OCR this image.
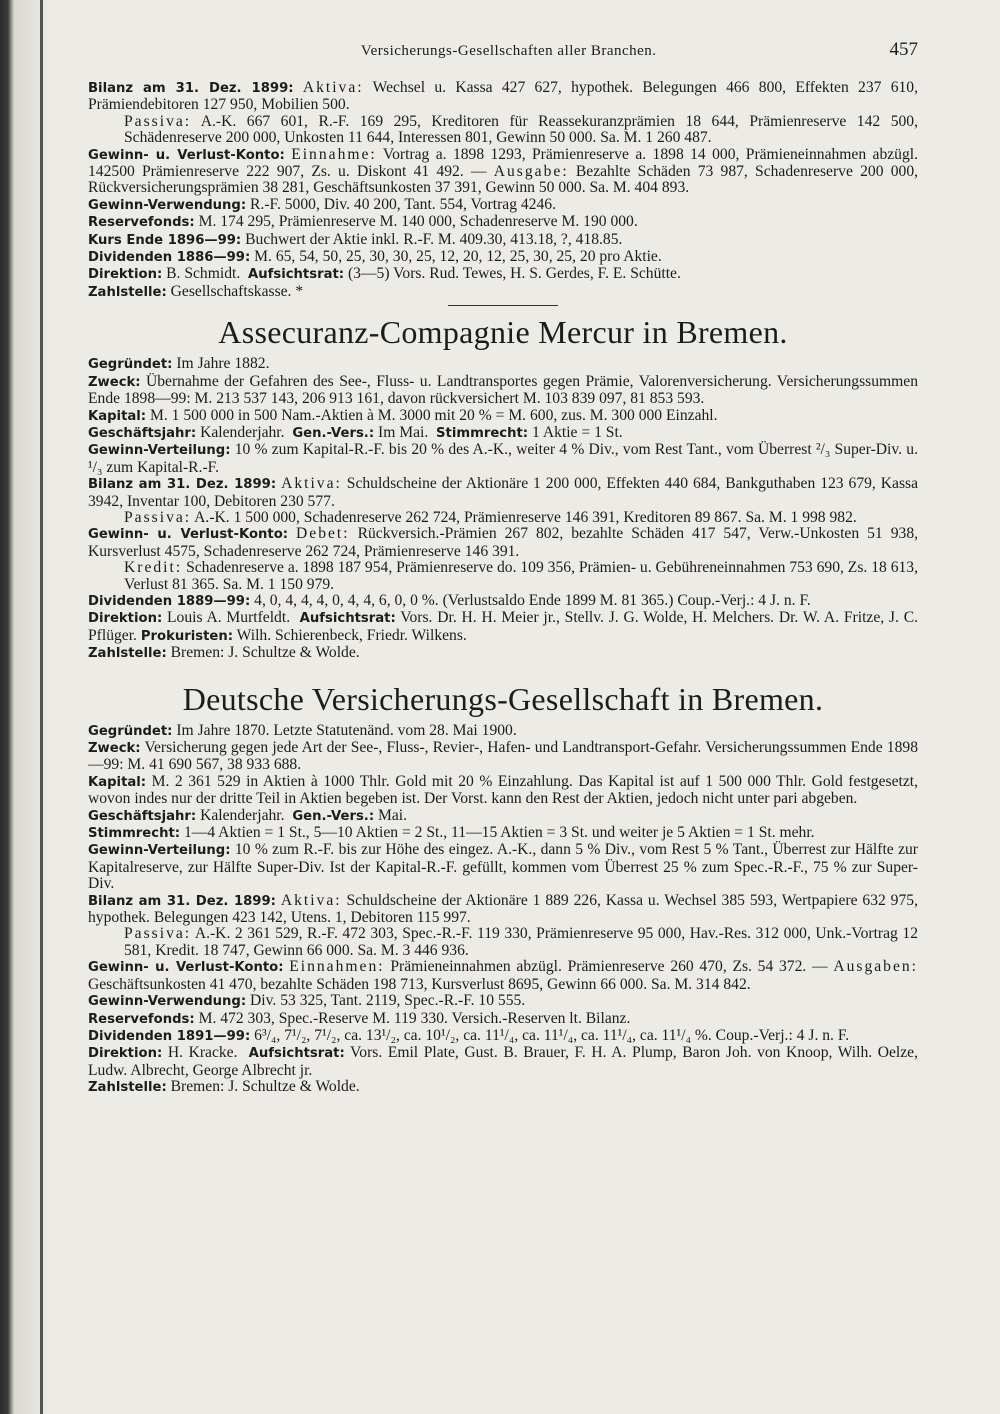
Versicherungs-Gesellschaften aller Branchen.	457

Bilanz am 31. Dez. 1899: Aktiva: Wechsel u. Kassa 427 627, hypothek. Belegungen 466 800, Effekten 237 610, Prämiendebitoren 127 950, Mobilien 500.

Passiva: A.-K. 667 601, R.-F. 169 295, Kreditoren für Reassekuranzprämien 18 644, Prämienreserve 142 500, Schädenreserve 200 000, Unkosten 11 644, Interessen 801, Gewinn 50 000. Sa. M. 1 260 487.

Gewinn- u. Verlust-Konto: Einnahme: Vortrag a. 1898 1293, Prämienreserve a. 1898 14 000, Prämieneinnahmen abzügl. 142500 Prämienreserve 222 907, Zs. u. Diskont 41 492. — Ausgabe: Bezahlte Schäden 73 987, Schadenreserve 200 000, Rückversicherungsprämien 38 281, Geschäftsunkosten 37 391, Gewinn 50 000. Sa. M. 404 893.

Gewinn-Verwendung: R.-F. 5000, Div. 40 200, Tant. 554, Vortrag 4246.

Reservefonds: M. 174 295, Prämienreserve M. 140 000, Schadenreserve M. 190 000.

Kurs Ende 1896—99: Buchwert der Aktie inkl. R.-F. M. 409.30, 413.18, ?, 418.85.

Dividenden 1886—99: M. 65, 54, 50, 25, 30, 30, 25, 12, 20, 12, 25, 30, 25, 20 pro Aktie.

Direktion: B. Schmidt. Aufsichtsrat: (3—5) Vors. Rud. Tewes, H. S. Gerdes, F. E. Schütte.

Zahlstelle: Gesellschaftskasse. *

Assecuranz-Compagnie Mercur in Bremen.

Gegründet: Im Jahre 1882.

Zweck: Übernahme der Gefahren des See-, Fluss- u. Landtransportes gegen Prämie, Valorenversicherung. Versicherungssummen Ende 1898—99: M. 213 537 143, 206 913 161, davon rückversichert M. 103 839 097, 81 853 593.

Kapital: M. 1 500 000 in 500 Nam.-Aktien à M. 3000 mit 20 % = M. 600, zus. M. 300 000 Einzahl.

Geschäftsjahr: Kalenderjahr. Gen.-Vers.: Im Mai. Stimmrecht: 1 Aktie = 1 St.

Gewinn-Verteilung: 10 % zum Kapital-R.-F. bis 20 % des A.-K., weiter 4 % Div., vom Rest Tant., vom Überrest ²/₃ Super-Div. u. ¹/₃ zum Kapital-R.-F.

Bilanz am 31. Dez. 1899: Aktiva: Schuldscheine der Aktionäre 1 200 000, Effekten 440 684, Bankguthaben 123 679, Kassa 3942, Inventar 100, Debitoren 230 577.

Passiva: A.-K. 1 500 000, Schadenreserve 262 724, Prämienreserve 146 391, Kreditoren 89 867. Sa. M. 1 998 982.

Gewinn- u. Verlust-Konto: Debet: Rückversich.-Prämien 267 802, bezahlte Schäden 417 547, Verw.-Unkosten 51 938, Kursverlust 4575, Schadenreserve 262 724, Prämienreserve 146 391.

Kredit: Schadenreserve a. 1898 187 954, Prämienreserve do. 109 356, Prämien- u. Gebühreneinnahmen 753 690, Zs. 18 613, Verlust 81 365. Sa. M. 1 150 979.

Dividenden 1889—99: 4, 0, 4, 4, 4, 0, 4, 4, 6, 0, 0 %. (Verlustsaldo Ende 1899 M. 81 365.) Coup.-Verj.: 4 J. n. F.

Direktion: Louis A. Murtfeldt. Aufsichtsrat: Vors. Dr. H. H. Meier jr., Stellv. J. G. Wolde, H. Melchers. Dr. W. A. Fritze, J. C. Pflüger. Prokuristen: Wilh. Schierenbeck, Friedr. Wilkens.

Zahlstelle: Bremen: J. Schultze & Wolde.

Deutsche Versicherungs-Gesellschaft in Bremen.

Gegründet: Im Jahre 1870. Letzte Statutenänd. vom 28. Mai 1900.

Zweck: Versicherung gegen jede Art der See-, Fluss-, Revier-, Hafen- und Landtransport-Gefahr. Versicherungssummen Ende 1898—99: M. 41 690 567, 38 933 688.

Kapital: M. 2 361 529 in Aktien à 1000 Thlr. Gold mit 20 % Einzahlung. Das Kapital ist auf 1 500 000 Thlr. Gold festgesetzt, wovon indes nur der dritte Teil in Aktien begeben ist. Der Vorst. kann den Rest der Aktien, jedoch nicht unter pari abgeben.

Geschäftsjahr: Kalenderjahr. Gen.-Vers.: Mai.

Stimmrecht: 1—4 Aktien = 1 St., 5—10 Aktien = 2 St., 11—15 Aktien = 3 St. und weiter je 5 Aktien = 1 St. mehr.

Gewinn-Verteilung: 10 % zum R.-F. bis zur Höhe des eingez. A.-K., dann 5 % Div., vom Rest 5 % Tant., Überrest zur Hälfte zur Kapitalreserve, zur Hälfte Super-Div. Ist der Kapital-R.-F. gefüllt, kommen vom Überrest 25 % zum Spec.-R.-F., 75 % zur Super-Div.

Bilanz am 31. Dez. 1899: Aktiva: Schuldscheine der Aktionäre 1 889 226, Kassa u. Wechsel 385 593, Wertpapiere 632 975, hypothek. Belegungen 423 142, Utens. 1, Debitoren 115 997.

Passiva: A.-K. 2 361 529, R.-F. 472 303, Spec.-R.-F. 119 330, Prämienreserve 95 000, Hav.-Res. 312 000, Unk.-Vortrag 12 581, Kredit. 18 747, Gewinn 66 000. Sa. M. 3 446 936.

Gewinn- u. Verlust-Konto: Einnahmen: Prämieneinnahmen abzügl. Prämienreserve 260 470, Zs. 54 372. — Ausgaben: Geschäftsunkosten 41 470, bezahlte Schäden 198 713, Kursverlust 8695, Gewinn 66 000. Sa. M. 314 842.

Gewinn-Verwendung: Div. 53 325, Tant. 2119, Spec.-R.-F. 10 555.

Reservefonds: M. 472 303, Spec.-Reserve M. 119 330. Versich.-Reserven lt. Bilanz.

Dividenden 1891—99: 6³/₄, 7¹/₂, 7¹/₂, ca. 13¹/₂, ca. 10¹/₂, ca. 11¹/₄, ca. 11¹/₄, ca. 11¹/₄, ca. 11¹/₄ %. Coup.-Verj.: 4 J. n. F.

Direktion: H. Kracke. Aufsichtsrat: Vors. Emil Plate, Gust. B. Brauer, F. H. A. Plump, Baron Joh. von Knoop, Wilh. Oelze, Ludw. Albrecht, George Albrecht jr.

Zahlstelle: Bremen: J. Schultze & Wolde.
